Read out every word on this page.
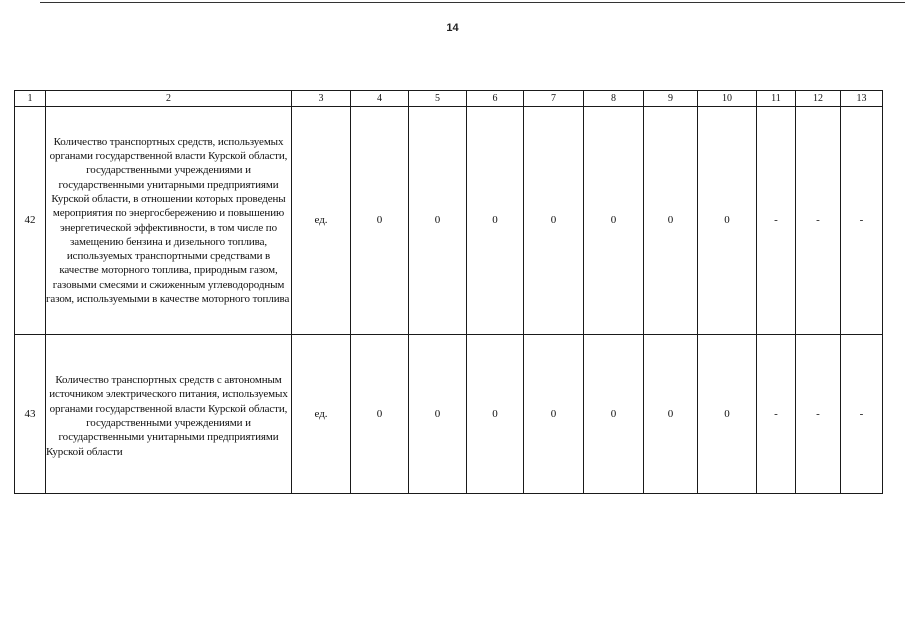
14
1	2	3	4	5	6	7	8	9	10	11	12	13
42	Количество транспортных средств, используемых органами государственной власти Курской области, государственными учреждениями и государственными унитарными предприятиями Курской области, в отношении которых проведены мероприятия по энергосбережению и повышению энергетической эффективности, в том числе по замещению бензина и дизельного топлива, используемых транспортными средствами в качестве моторного топлива, природным газом, газовыми смесями и сжиженным углеводородным газом, используемыми в качестве моторного топлива	ед.	0	0	0	0	0	0	0	-	-	-
43	Количество транспортных средств с автономным источником электрического питания, используемых органами государственной власти Курской области, государственными учреждениями и государственными унитарными предприятиями Курской области	ед.	0	0	0	0	0	0	0	-	-	-
